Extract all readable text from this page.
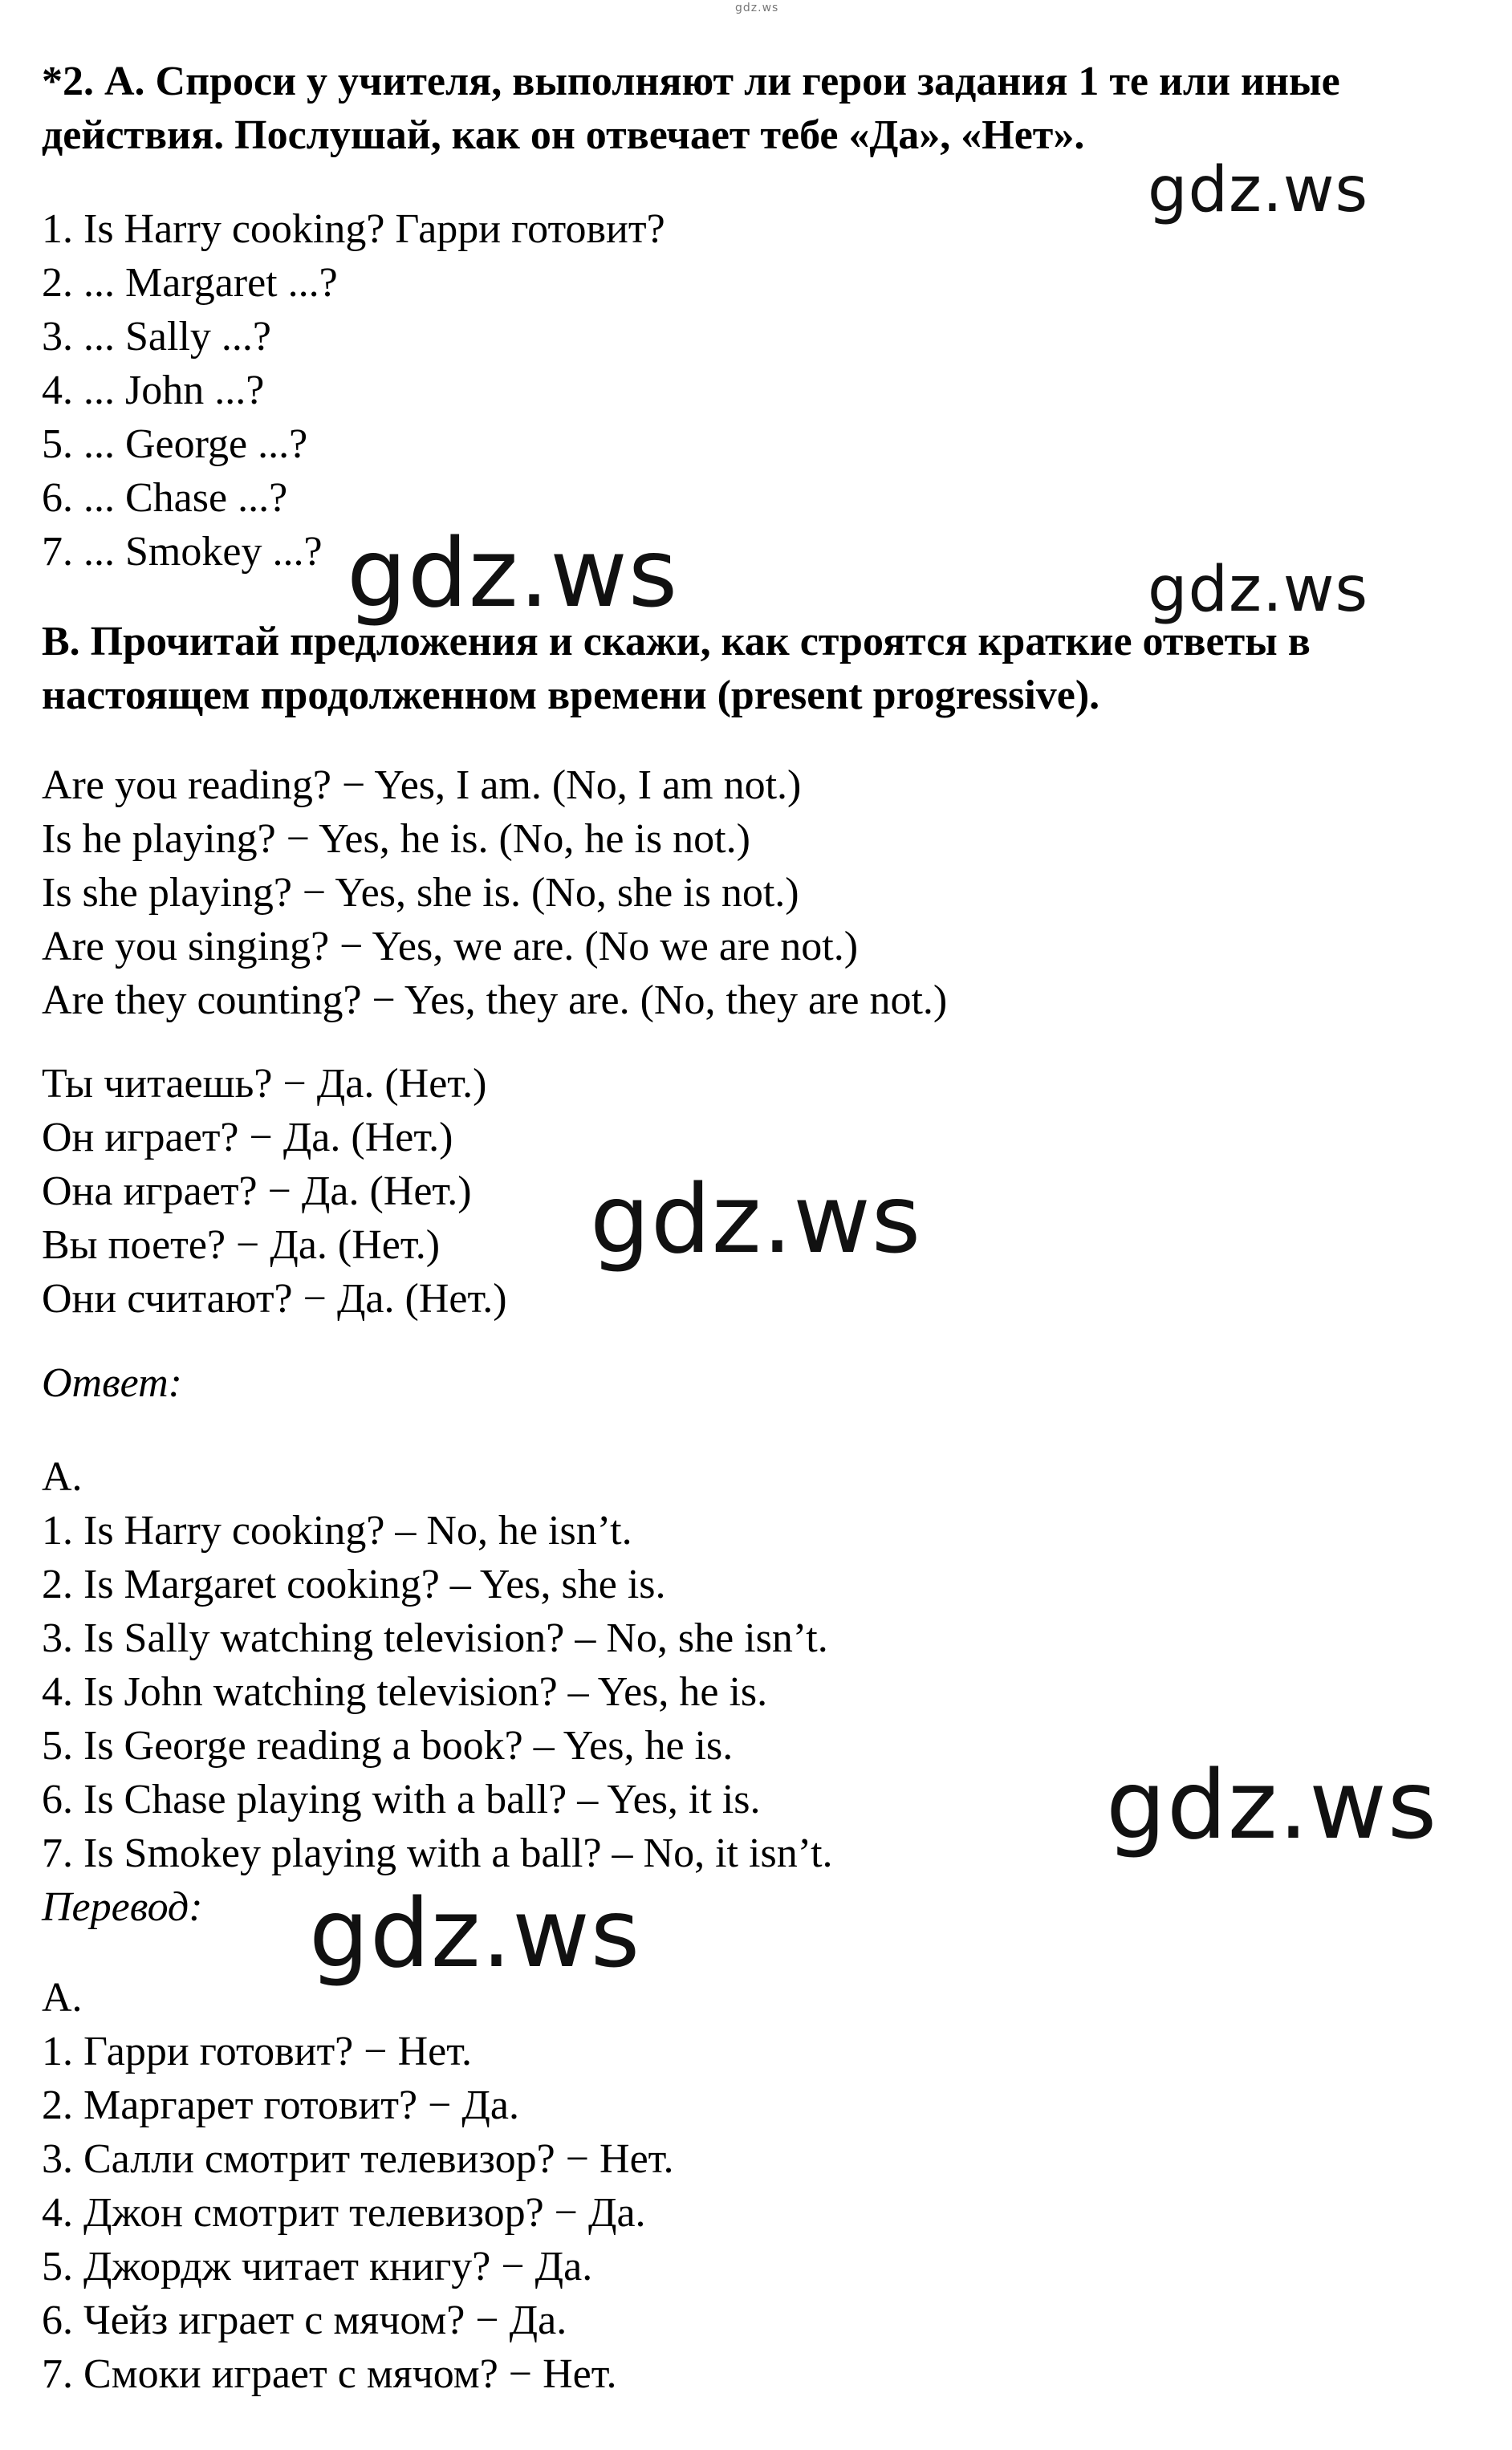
gdz.ws
*2. А. Спроси у учителя, выполняют ли герои задания 1 те или иные
действия. Послушай, как он отвечает тебе «Да», «Нет».
1. Is Harry cooking? Гарри готовит?
2. ... Margaret ...?
3. ... Sally ...?
4. ... John ...?
5. ... George ...?
6. ... Chase ...?
7. ... Smokey ...?
B. Прочитай предложения и скажи, как строятся краткие ответы в
настоящем продолженном времени (present progressive).
Are you reading? − Yes, I am. (No, I am not.)
Is he playing? − Yes, he is. (No, he is not.)
Is she playing? − Yes, she is. (No, she is not.)
Are you singing? − Yes, we are. (No we are not.)
Are they counting? − Yes, they are. (No, they are not.)
Ты читаешь? − Да. (Нет.)
Он играет? − Да. (Нет.)
Она играет? − Да. (Нет.)
Вы поете? − Да. (Нет.)
Они считают? − Да. (Нет.)
Ответ:
A.
1. Is Harry cooking? – No, he isn’t.
2. Is Margaret cooking? – Yes, she is.
3. Is Sally watching television? – No, she isn’t.
4. Is John watching television? – Yes, he is.
5. Is George reading a book? – Yes, he is.
6. Is Chase playing with a ball? – Yes, it is.
7. Is Smokey playing with a ball? – No, it isn’t.
Перевод:
A.
1. Гарри готовит? − Нет.
2. Маргарет готовит? − Да.
3. Салли смотрит телевизор? − Нет.
4. Джон смотрит телевизор? − Да.
5. Джордж читает книгу? − Да.
6. Чейз играет с мячом? − Да.
7. Смоки играет с мячом? − Нет.
gdz.ws
gdz.ws	gdz.ws
gdz.ws
gdz.ws
gdz.ws
